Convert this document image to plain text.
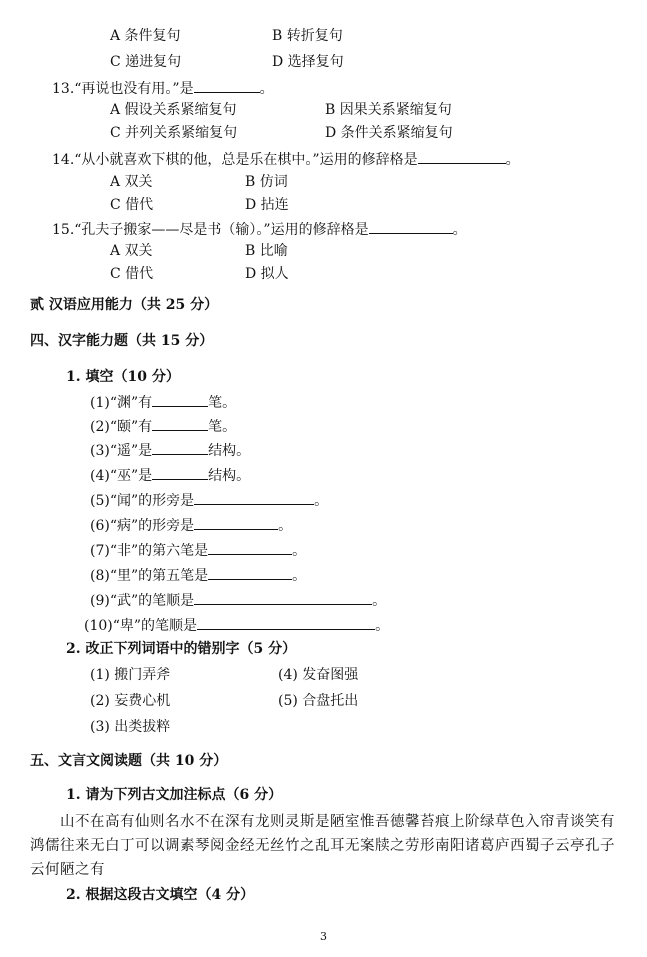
A 条件复句	B 转折复句
C 递进复句	D 选择复句
13.“再说也没有用。”是	。
A 假设关系紧缩复句	B 因果关系紧缩复句
C 并列关系紧缩复句	D 条件关系紧缩复句
14.“从小就喜欢下棋的他，总是乐在棋中。”运用的修辞格是	。
A 双关	B 仿词
C 借代	D 拈连
15.“孔夫子搬家——尽是书（输）。”运用的修辞格是	。
A 双关	B 比喻
C 借代	D 拟人
贰 汉语应用能力（共 25 分）
四、汉字能力题（共 15 分）
1. 填空（10 分）
(1)“渊”有	笔。
(2)“颐”有	笔。
(3)“遥”是	结构。
(4)“巫”是	结构。
(5)“闻”的形旁是	。
(6)“病”的形旁是	。
(7)“非”的第六笔是	。
(8)“里”的第五笔是	。
(9)“武”的笔顺是	。
(10)“卑”的笔顺是	。
2. 改正下列词语中的错别字（5 分）
(1) 搬门弄斧	(4) 发奋图强
(2) 妄费心机	(5) 合盘托出
(3) 出类拔粹
五、文言文阅读题（共 10 分）
1. 请为下列古文加注标点（6 分）
山不在高有仙则名水不在深有龙则灵斯是陋室惟吾德馨苔痕上阶绿草色入帘青谈笑有鸿儒往来无白丁可以调素琴阅金经无丝竹之乱耳无案牍之劳形南阳诸葛庐西蜀子云亭孔子云何陋之有
2. 根据这段古文填空（4 分）
3
